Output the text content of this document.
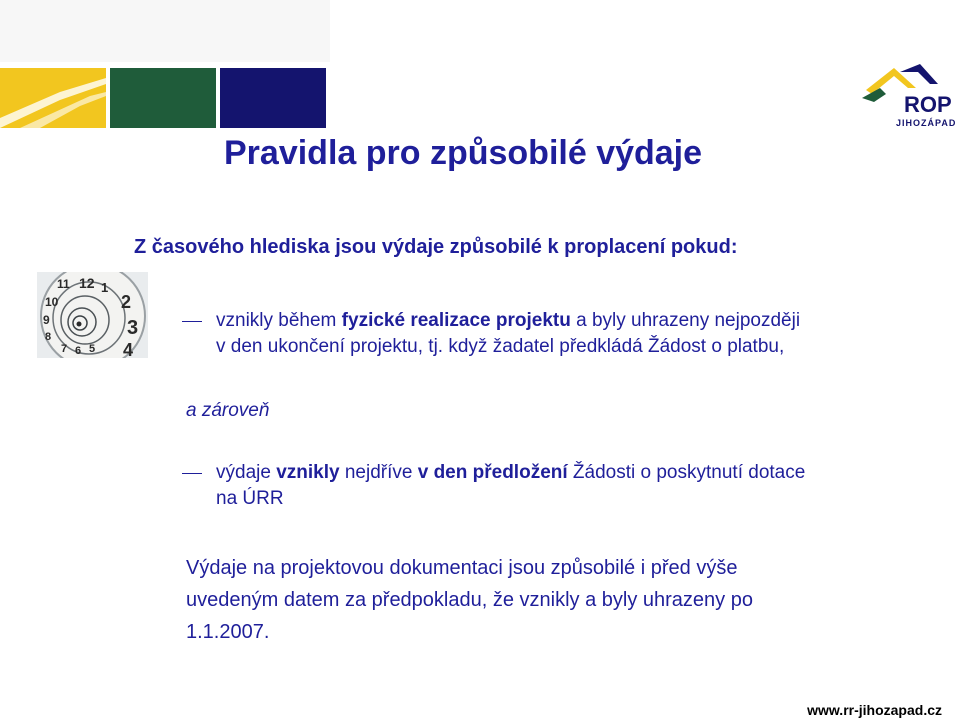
ROP
JIHOZÁPAD
Pravidla pro způsobilé výdaje

Z časového hlediska jsou výdaje způsobilé k proplacení pokud:

12 1
2
3
4
11
10
9
8
7 6 5
vznikly během fyzické realizace projektu a byly uhrazeny nejpozději
v den ukončení projektu, tj. když žadatel předkládá Žádost o platbu,
a zároveň
výdaje vznikly nejdříve v den předložení Žádosti o poskytnutí dotace
na ÚRR
Výdaje na projektovou dokumentaci jsou způsobilé i před výše
uvedeným datem za předpokladu, že vznikly a byly uhrazeny po
1.1.2007.
www.rr-jihozapad.cz
